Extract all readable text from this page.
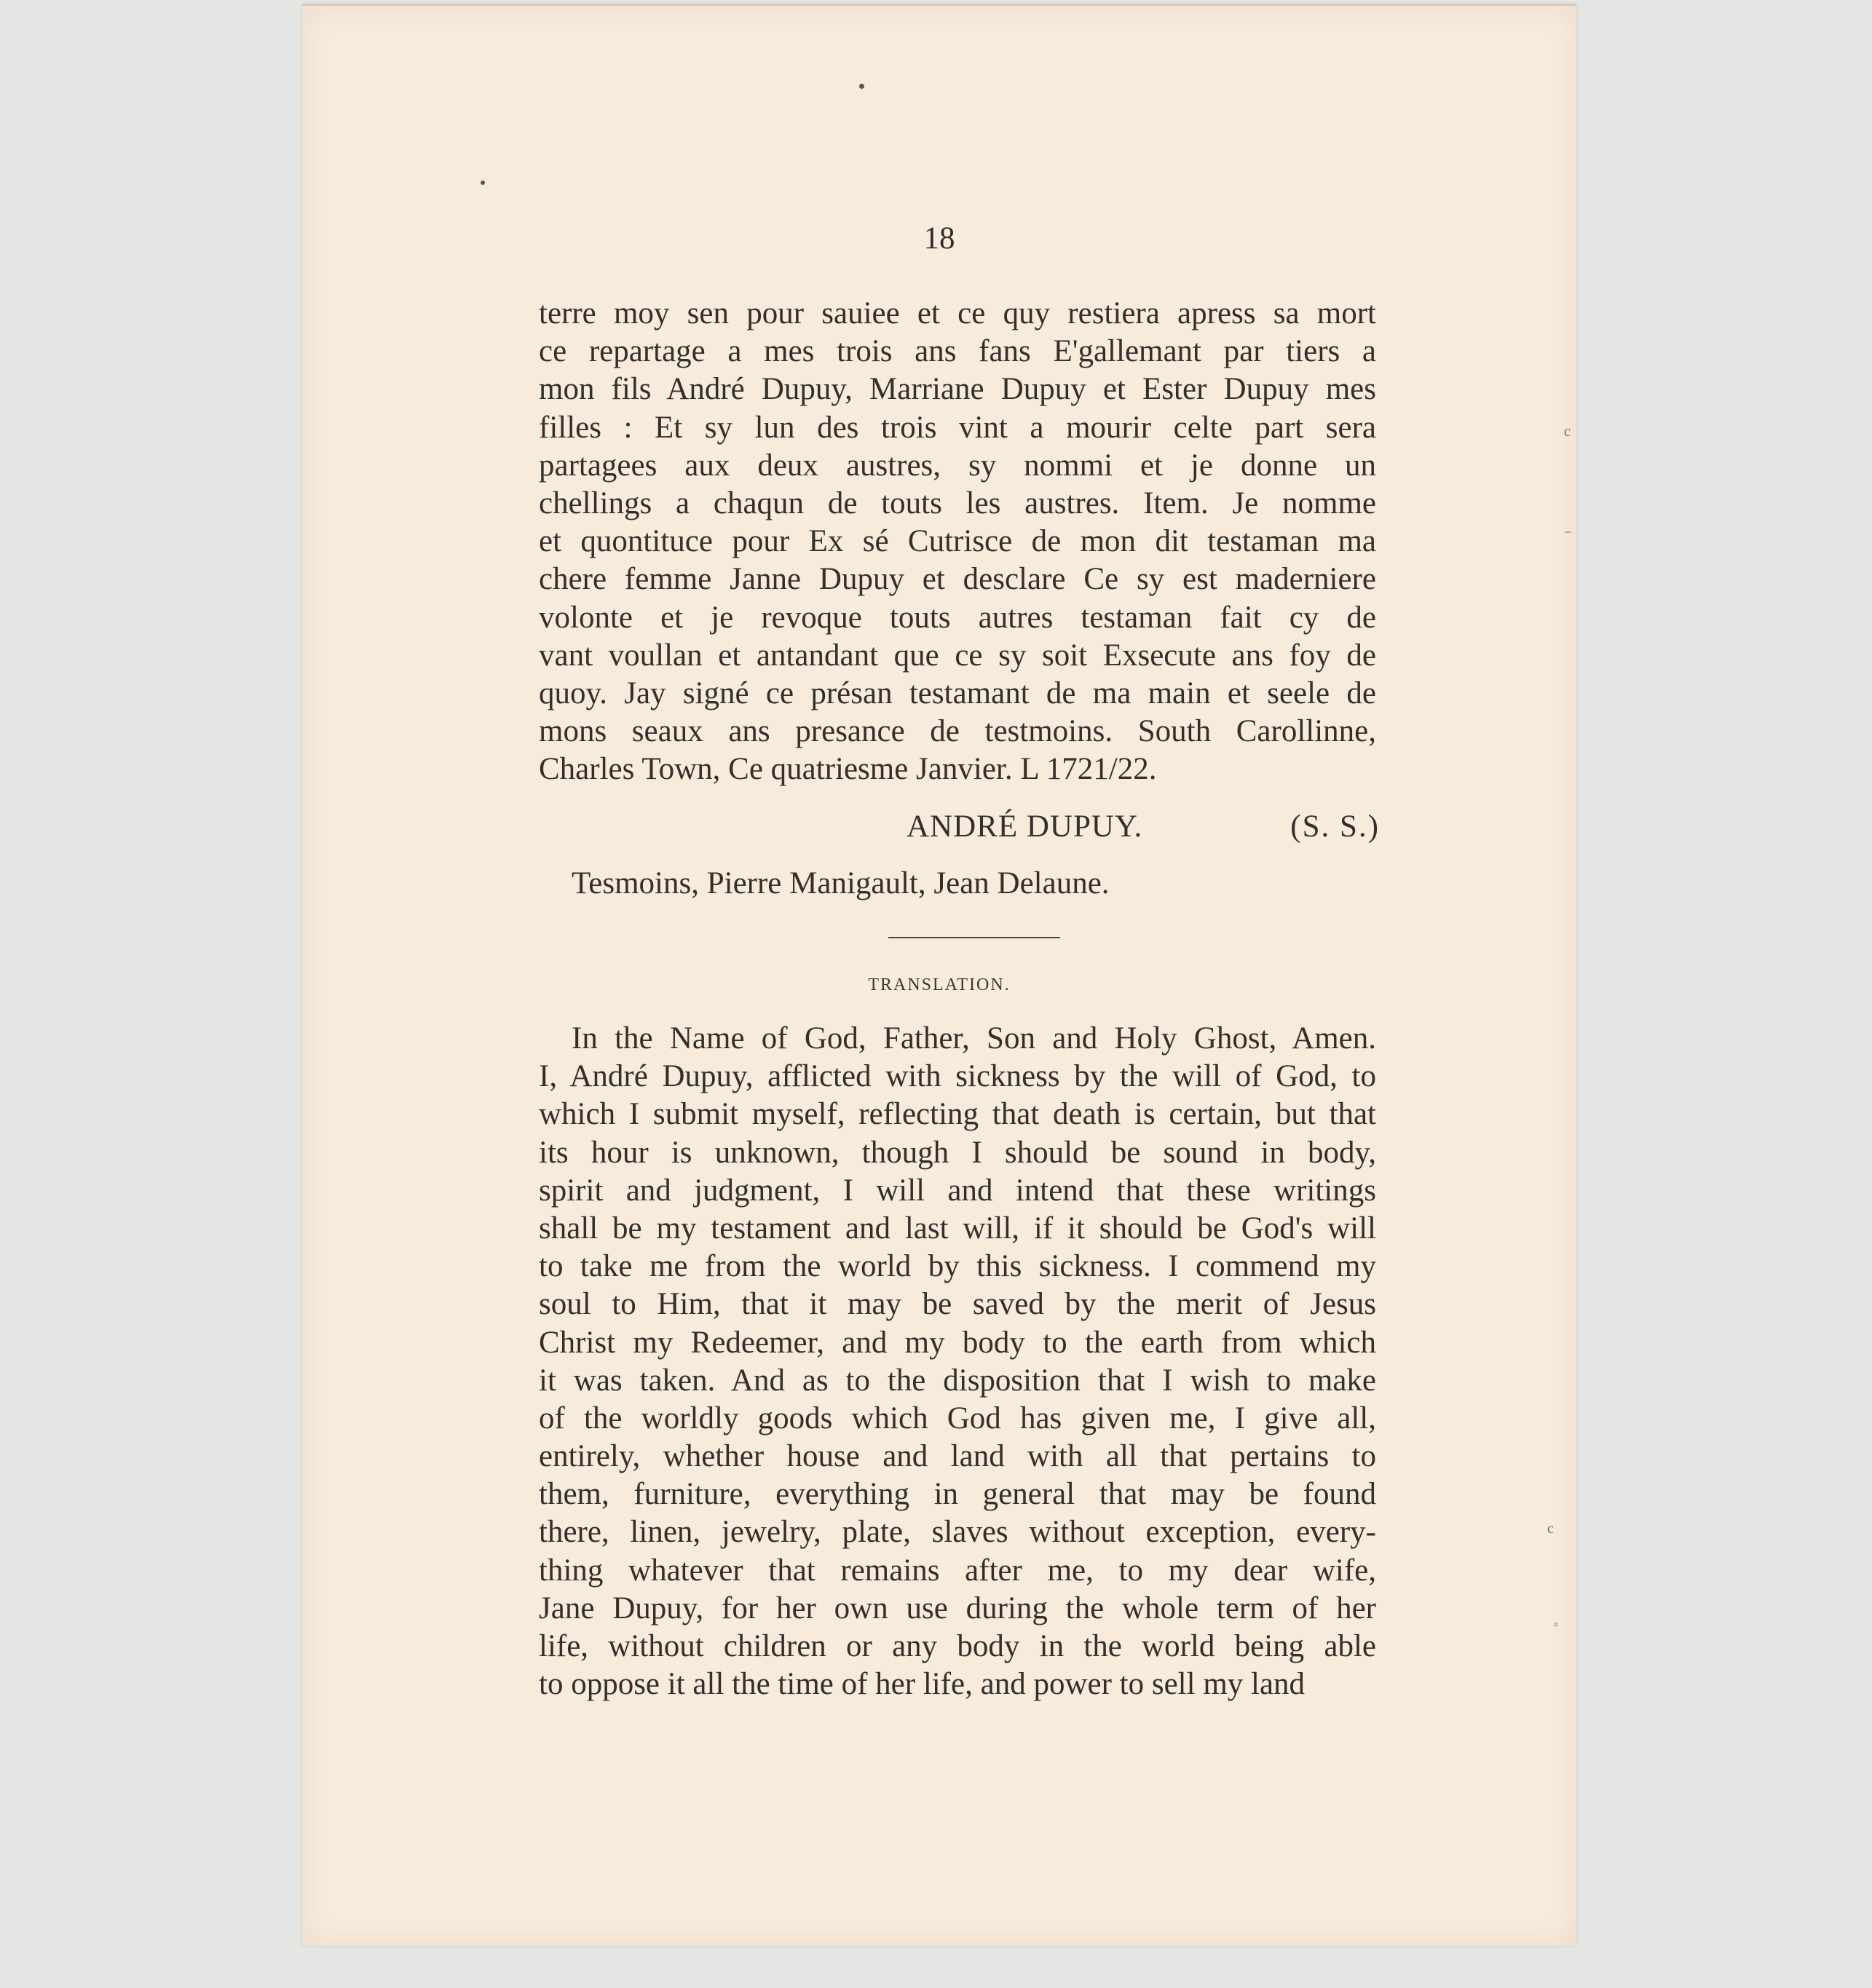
18

terre moy sen pour sauiee et ce quy restiera apress sa mort
ce repartage a mes trois ans fans E'gallemant par tiers a
mon fils André Dupuy, Marriane Dupuy et Ester Dupuy mes
filles : Et sy lun des trois vint a mourir celte part sera
partagees aux deux austres, sy nommi et je donne un
chellings a chaqun de touts les austres. Item. Je nomme
et quontituce pour Ex sé Cutrisce de mon dit testaman ma
chere femme Janne Dupuy et desclare Ce sy est maderniere
volonte et je revoque touts autres testaman fait cy de
vant voullan et antandant que ce sy soit Exsecute ans foy de
quoy. Jay signé ce présan testamant de ma main et seele de
mons seaux ans presance de testmoins. South Carollinne,
Charles Town, Ce quatriesme Janvier. L 1721/22.
ANDRÉ DUPUY.	(S. S.)

Tesmoins, Pierre Manigault, Jean Delaune.

TRANSLATION.

In the Name of God, Father, Son and Holy Ghost, Amen.
I, André Dupuy, afflicted with sickness by the will of God, to
which I submit myself, reflecting that death is certain, but that
its hour is unknown, though I should be sound in body,
spirit and judgment, I will and intend that these writings
shall be my testament and last will, if it should be God's will
to take me from the world by this sickness. I commend my
soul to Him, that it may be saved by the merit of Jesus
Christ my Redeemer, and my body to the earth from which
it was taken. And as to the disposition that I wish to make
of the worldly goods which God has given me, I give all,
entirely, whether house and land with all that pertains to
them, furniture, everything in general that may be found
there, linen, jewelry, plate, slaves without exception, every-
thing whatever that remains after me, to my dear wife,
Jane Dupuy, for her own use during the whole term of her
life, without children or any body in the world being able
to oppose it all the time of her life, and power to sell my land
c
⁻
c
◦
